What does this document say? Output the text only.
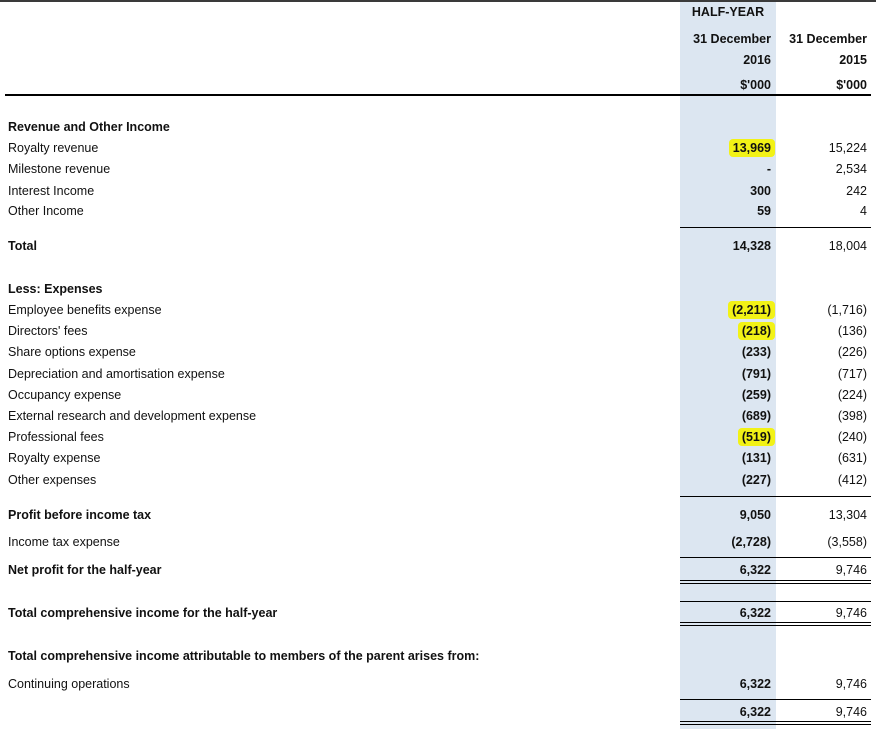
HALF-YEAR
31 December 31 December
2016	2015
$'000	$'000
Revenue and Other Income
Royalty revenue	13,969	15,224
Milestone revenue	-	2,534
Interest Income	300	242
Other Income	59	4
Total	14,328	18,004
Less: Expenses
Employee benefits expense	(2,211)	(1,716)
Directors' fees	(218)	(136)
Share options expense	(233)	(226)
Depreciation and amortisation expense	(791)	(717)
Occupancy expense	(259)	(224)
External research and development expense	(689)	(398)
Professional fees	(519)	(240)
Royalty expense	(131)	(631)
Other expenses	(227)	(412)
Profit before income tax	9,050	13,304
Income tax expense	(2,728)	(3,558)
Net profit for the half-year	6,322	9,746
Total comprehensive income for the half-year	6,322	9,746
Total comprehensive income attributable to members of the parent arises from:
Continuing operations	6,322	9,746
6,322	9,746
